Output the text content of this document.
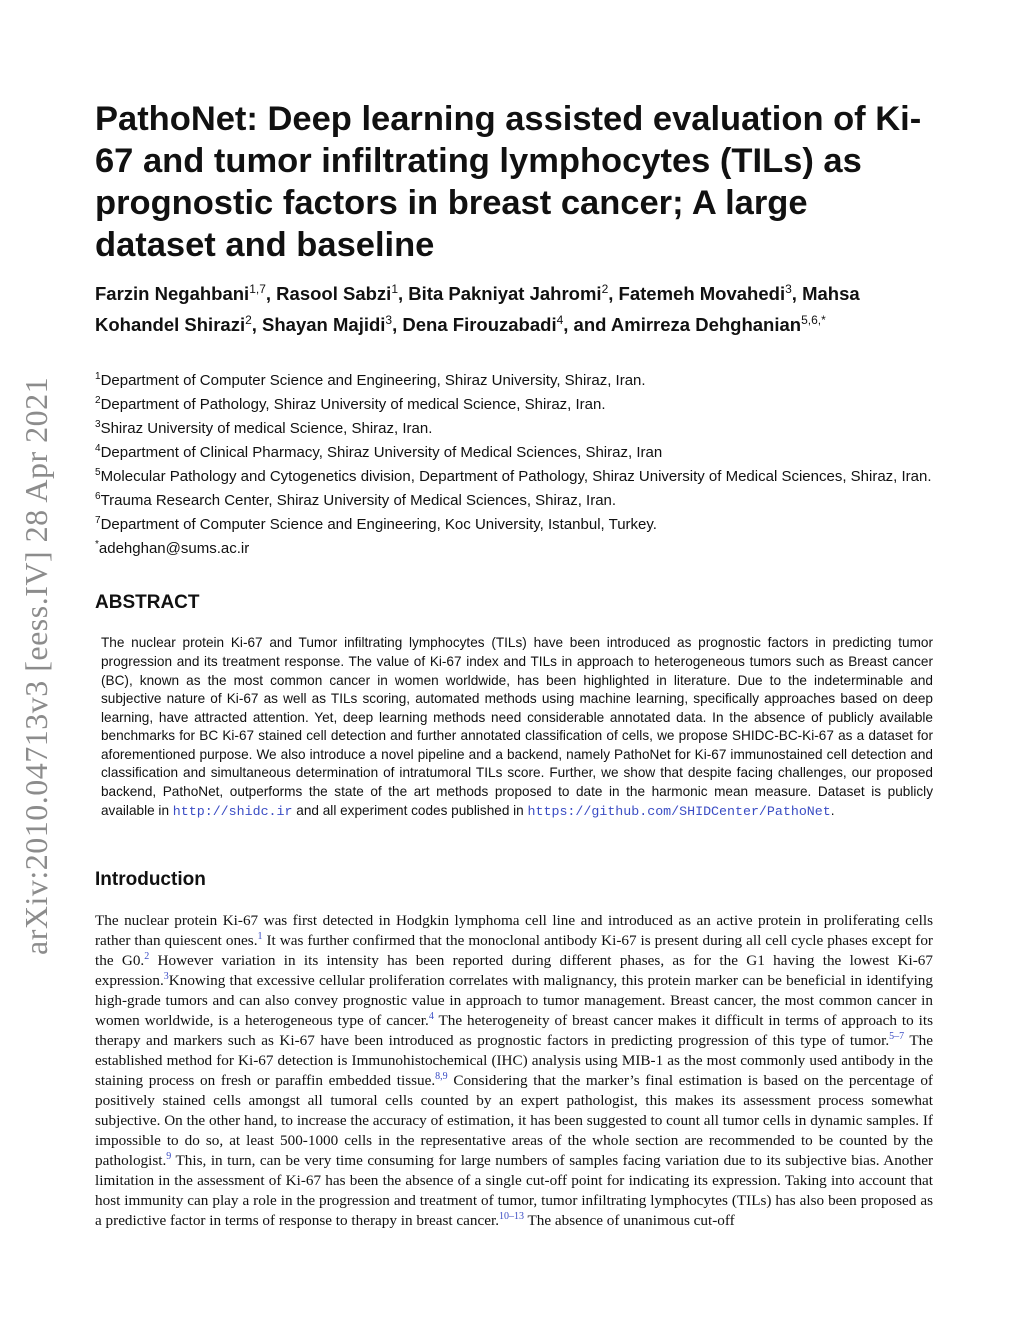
arXiv:2010.04713v3 [eess.IV] 28 Apr 2021
PathoNet: Deep learning assisted evaluation of Ki-67 and tumor infiltrating lymphocytes (TILs) as prognostic factors in breast cancer; A large dataset and baseline
Farzin Negahbani$^{1,7}$, Rasool Sabzi$^1$, Bita Pakniyat Jahromi$^2$, Fatemeh Movahedi$^3$, Mahsa Kohandel Shirazi$^2$, Shayan Majidi$^3$, Dena Firouzabadi$^4$, and Amirreza Dehghanian$^{5,6,*}$
$^1$Department of Computer Science and Engineering, Shiraz University, Shiraz, Iran.
$^2$Department of Pathology, Shiraz University of medical Science, Shiraz, Iran.
$^3$Shiraz University of medical Science, Shiraz, Iran.
$^4$Department of Clinical Pharmacy, Shiraz University of Medical Sciences, Shiraz, Iran
$^5$Molecular Pathology and Cytogenetics division, Department of Pathology, Shiraz University of Medical Sciences, Shiraz, Iran.
$^6$Trauma Research Center, Shiraz University of Medical Sciences, Shiraz, Iran.
$^7$Department of Computer Science and Engineering, Koc University, Istanbul, Turkey.
*adehghan@sums.ac.ir
ABSTRACT

The nuclear protein Ki-67 and Tumor infiltrating lymphocytes (TILs) have been introduced as prognostic factors in predicting tumor progression and its treatment response. The value of Ki-67 index and TILs in approach to heterogeneous tumors such as Breast cancer (BC), known as the most common cancer in women worldwide, has been highlighted in literature. Due to the indeterminable and subjective nature of Ki-67 as well as TILs scoring, automated methods using machine learning, specifically approaches based on deep learning, have attracted attention. Yet, deep learning methods need considerable annotated data. In the absence of publicly available benchmarks for BC Ki-67 stained cell detection and further annotated classification of cells, we propose SHIDC-BC-Ki-67 as a dataset for aforementioned purpose. We also introduce a novel pipeline and a backend, namely PathoNet for Ki-67 immunostained cell detection and classification and simultaneous determination of intratumoral TILs score. Further, we show that despite facing challenges, our proposed backend, PathoNet, outperforms the state of the art methods proposed to date in the harmonic mean measure. Dataset is publicly available in http://shidc.ir and all experiment codes published in https://github.com/SHIDCenter/PathoNet.

Introduction

The nuclear protein Ki-67 was first detected in Hodgkin lymphoma cell line and introduced as an active protein in proliferating cells rather than quiescent ones.$^1$ It was further confirmed that the monoclonal antibody Ki-67 is present during all cell cycle phases except for the G0.$^2$ However variation in its intensity has been reported during different phases, as for the G1 having the lowest Ki-67 expression.$^3$Knowing that excessive cellular proliferation correlates with malignancy, this protein marker can be beneficial in identifying high-grade tumors and can also convey prognostic value in approach to tumor management. Breast cancer, the most common cancer in women worldwide, is a heterogeneous type of cancer.$^4$ The heterogeneity of breast cancer makes it difficult in terms of approach to its therapy and markers such as Ki-67 have been introduced as prognostic factors in predicting progression of this type of tumor.$^{5-7}$ The established method for Ki-67 detection is Immunohistochemical (IHC) analysis using MIB-1 as the most commonly used antibody in the staining process on fresh or paraffin embedded tissue.$^{8,9}$ Considering that the marker’s final estimation is based on the percentage of positively stained cells amongst all tumoral cells counted by an expert pathologist, this makes its assessment process somewhat subjective. On the other hand, to increase the accuracy of estimation, it has been suggested to count all tumor cells in dynamic samples. If impossible to do so, at least 500-1000 cells in the representative areas of the whole section are recommended to be counted by the pathologist.$^9$ This, in turn, can be very time consuming for large numbers of samples facing variation due to its subjective bias. Another limitation in the assessment of Ki-67 has been the absence of a single cut-off point for indicating its expression. Taking into account that host immunity can play a role in the progression and treatment of tumor, tumor infiltrating lymphocytes (TILs) has also been proposed as a predictive factor in terms of response to therapy in breast cancer.$^{10-13}$ The absence of unanimous cut-off
